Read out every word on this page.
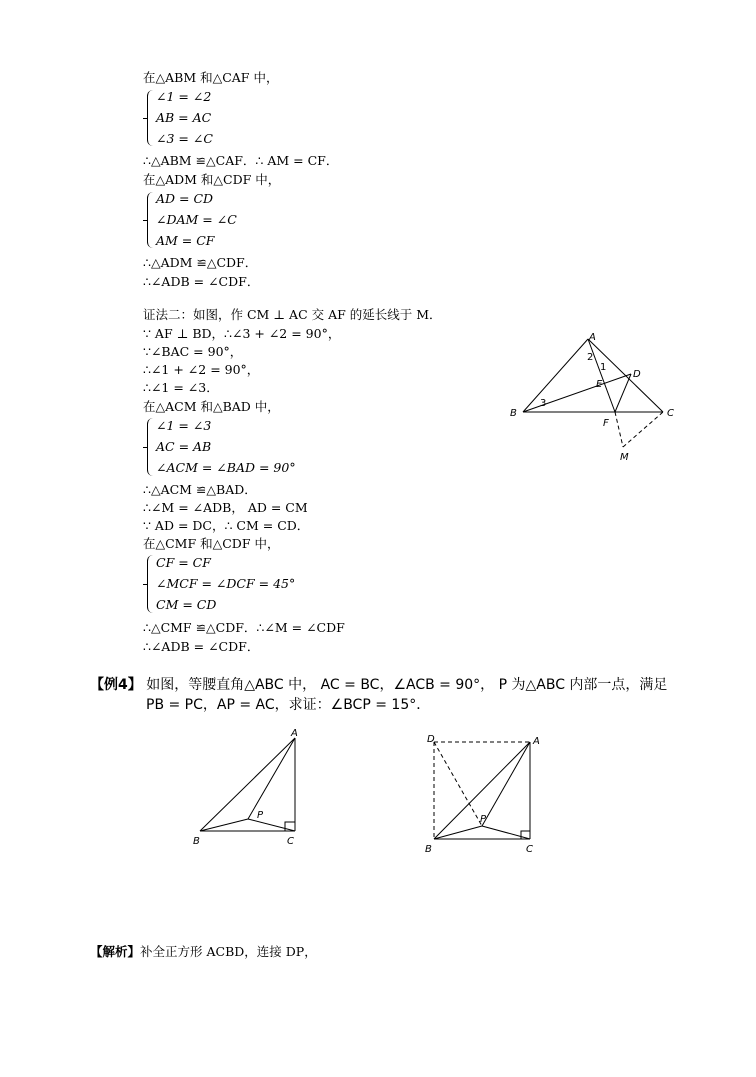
在△ABM 和△CAF 中，
∠1 = ∠2
AB = AC
∠3 = ∠C
∴△ABM ≌△CAF．∴ AM = CF．
在△ADM 和△CDF 中，
AD = CD
∠DAM = ∠C
AM = CF
∴△ADM ≌△CDF．
∴∠ADB = ∠CDF．
证法二：如图，作 CM ⊥ AC 交 AF 的延长线于 M．
∵ AF ⊥ BD，∴∠3 + ∠2 = 90°，
∵∠BAC = 90°，
∴∠1 + ∠2 = 90°，
∴∠1 = ∠3．
在△ACM 和△BAD 中，
∠1 = ∠3
AC = AB
∠ACM = ∠BAD = 90°
∴△ACM ≌△BAD．
∴∠M = ∠ADB， AD = CM
∵ AD = DC，∴ CM = CD．
在△CMF 和△CDF 中，
CF = CF
∠MCF = ∠DCF = 45°
CM = CD
∴△CMF ≌△CDF．∴∠M = ∠CDF
∴∠ADB = ∠CDF．
A
B	C
D
E
F
M
1
2
3
【例4】 如图，等腰直角△ABC 中， AC = BC，∠ACB = 90°， P 为△ABC 内部一点，满足
PB = PC，AP = AC，求证：∠BCP = 15°．
A
B	C
P
D	A
B	C
P
【解析】补全正方形 ACBD，连接 DP，
